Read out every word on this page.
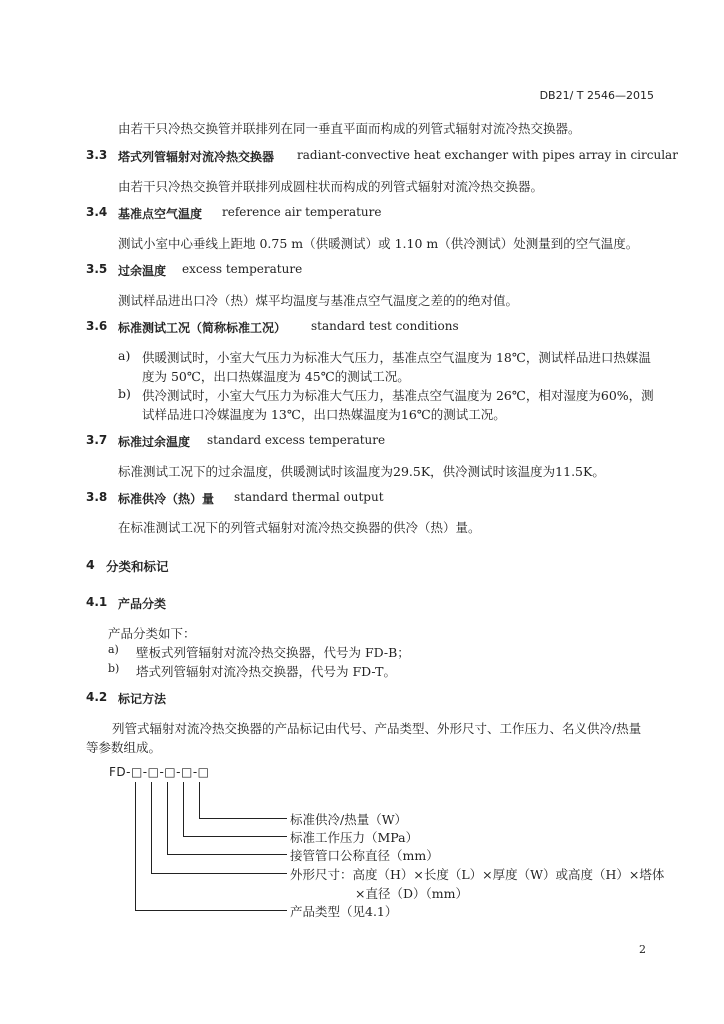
DB21/ T 2546—2015
由若干只冷热交换管并联排列在同一垂直平面而构成的列管式辐射对流冷热交换器。
3.3 塔式列管辐射对流冷热交换器 radiant-convective heat exchanger with pipes array in circular
由若干只冷热交换管并联排列成圆柱状而构成的列管式辐射对流冷热交换器。
3.4 基准点空气温度 reference air temperature
测试小室中心垂线上距地 0.75 m（供暖测试）或 1.10 m（供冷测试）处测量到的空气温度。
3.5 过余温度 excess temperature
测试样品进出口冷（热）煤平均温度与基准点空气温度之差的的绝对值。
3.6 标准测试工况（简称标准工况） standard test conditions
a) 供暖测试时，小室大气压力为标准大气压力，基准点空气温度为 18℃，测试样品进口热媒温
度为 50℃，出口热媒温度为 45℃的测试工况。
b) 供冷测试时，小室大气压力为标准大气压力，基准点空气温度为 26℃，相对湿度为60%，测
试样品进口冷媒温度为 13℃，出口热媒温度为16℃的测试工况。
3.7 标准过余温度 standard excess temperature
标准测试工况下的过余温度，供暖测试时该温度为29.5K，供冷测试时该温度为11.5K。
3.8 标准供冷（热）量 standard thermal output
在标准测试工况下的列管式辐射对流冷热交换器的供冷（热）量。
4 分类和标记
4.1 产品分类
产品分类如下：
a) 壁板式列管辐射对流冷热交换器，代号为 FD-B；
b) 塔式列管辐射对流冷热交换器，代号为 FD-T。
4.2 标记方法
列管式辐射对流冷热交换器的产品标记由代号、产品类型、外形尺寸、工作压力、名义供冷/热量
等参数组成。
FD-□-□-□-□-□
标准供冷/热量（W）
标准工作压力（MPa）
接管管口公称直径（mm）
外形尺寸：高度（H）×长度（L）×厚度（W）或高度（H）×塔体
×直径（D）（mm）
产品类型（见4.1）
2
